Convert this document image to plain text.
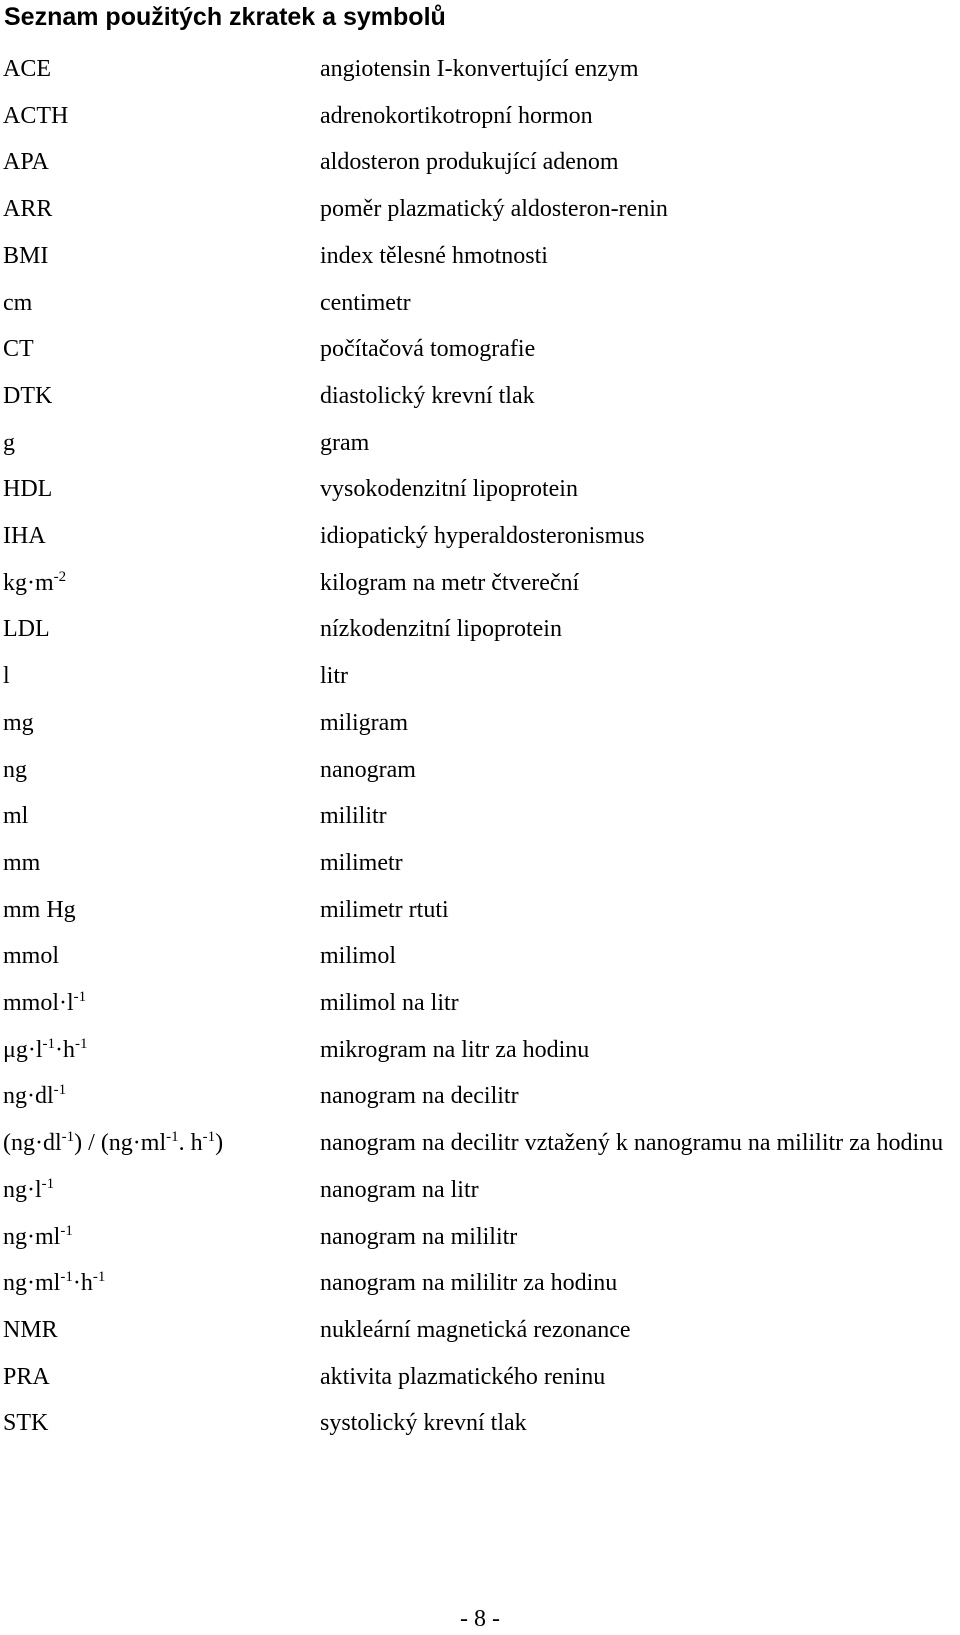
Seznam použitých zkratek a symbolů
ACE	angiotensin I-konvertující enzym
ACTH	adrenokortikotropní hormon
APA	aldosteron produkující adenom
ARR	poměr plazmatický aldosteron-renin
BMI	index tělesné hmotnosti
cm	centimetr
CT	počítačová tomografie
DTK	diastolický krevní tlak
g	gram
HDL	vysokodenzitní lipoprotein
IHA	idiopatický hyperaldosteronismus
$kg\cdot m^{-2}$	kilogram na metr čtvereční
LDL	nízkodenzitní lipoprotein
l	litr
mg	miligram
ng	nanogram
ml	mililitr
mm	milimetr
mm Hg	milimetr rtuti
mmol	milimol
$mmol\cdot l^{-1}$	milimol na litr
$\mu g\cdot l^{-1}\cdot h^{-1}$	mikrogram na litr za hodinu
$ng\cdot dl^{-1}$	nanogram na decilitr
$(ng\cdot dl^{-1}) / (ng\cdot ml^{-1}$. $h^{-1}$)	nanogram na decilitr vztažený k nanogramu na mililitr za hodinu
$ng\cdot l^{-1}$	nanogram na litr
$ng\cdot ml^{-1}$	nanogram na mililitr
$ng\cdot ml^{-1}\cdot h^{-1}$	nanogram na mililitr za hodinu
NMR	nukleární magnetická rezonance
PRA	aktivita plazmatického reninu
STK	systolický krevní tlak
- 8 -
